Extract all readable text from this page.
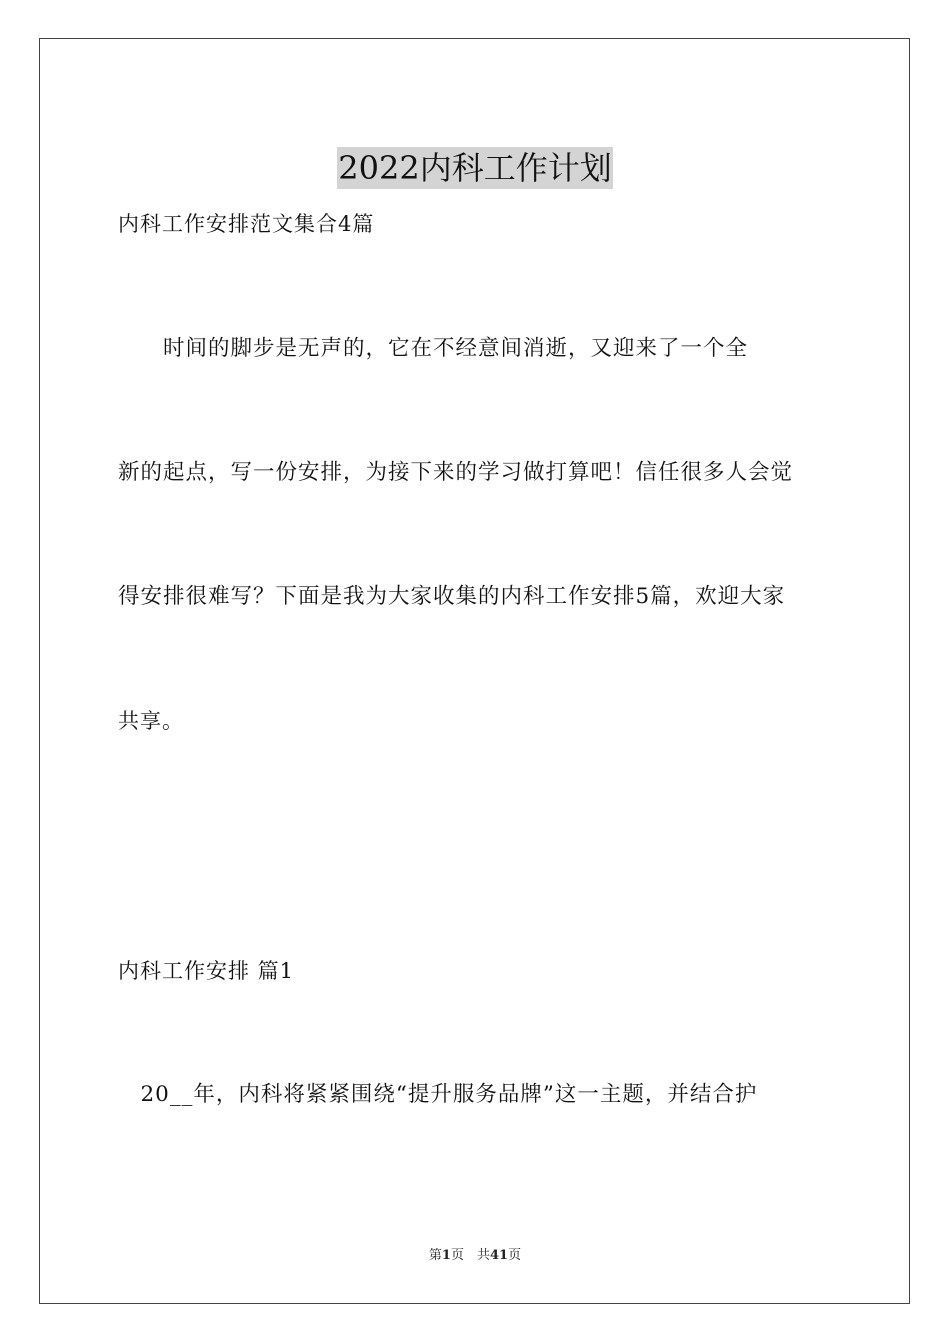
2022内科工作计划
内科工作安排范文集合4篇
　　时间的脚步是无声的，它在不经意间消逝，又迎来了一个全
新的起点，写一份安排，为接下来的学习做打算吧！信任很多人会觉
得安排很难写？下面是我为大家收集的内科工作安排5篇，欢迎大家
共享。
内科工作安排 篇1
　20__年，内科将紧紧围绕“提升服务品牌”这一主题，并结合护
第1页　共41页
